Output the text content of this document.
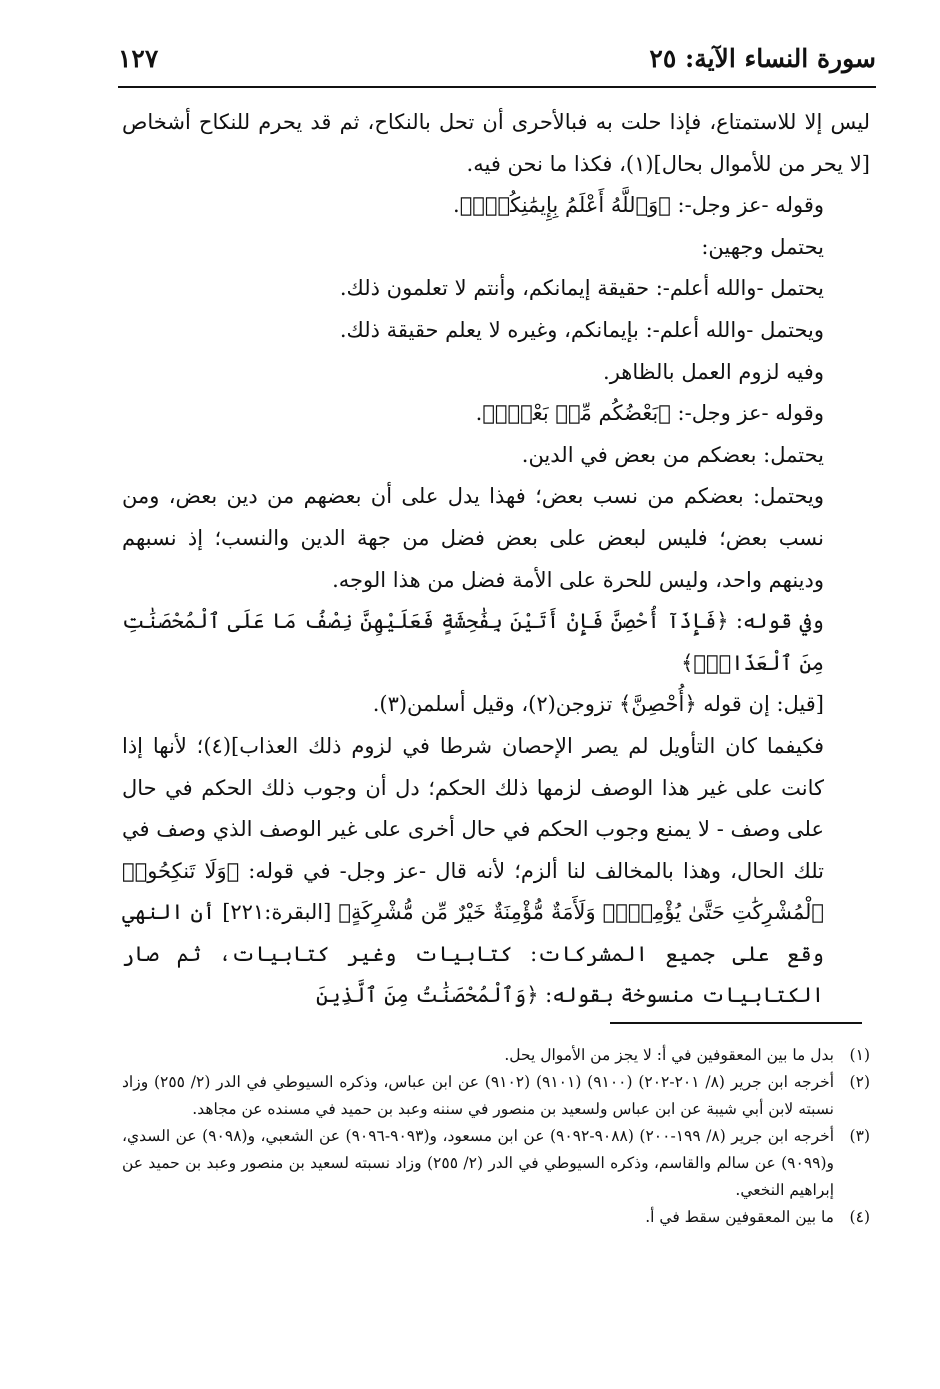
سورة النساء الآية: ٢٥
١٢٧

ليس إلا للاستمتاع، فإذا حلت به فبالأحرى أن تحل بالنكاح، ثم قد يحرم للنكاح أشخاص [لا يحر من للأموال بحال](١)، فكذا ما نحن فيه.

وقوله -عز وجل-: ﴿وَٱللَّهُ أَعْلَمُ بِإِيمَٰنِكُمْۚ﴾.

يحتمل وجهين:

يحتمل -والله أعلم-: حقيقة إيمانكم، وأنتم لا تعلمون ذلك.

ويحتمل -والله أعلم-: بإيمانكم، وغيره لا يعلم حقيقة ذلك.

وفيه لزوم العمل بالظاهر.

وقوله -عز وجل-: ﴿بَعْضُكُم مِّنۢ بَعْضٍۚ﴾.

يحتمل: بعضكم من بعض في الدين.

ويحتمل: بعضكم من نسب بعض؛ فهذا يدل على أن بعضهم من دين بعض، ومن نسب بعض؛ فليس لبعض على بعض فضل من جهة الدين والنسب؛ إذ نسبهم ودينهم واحد، وليس للحرة على الأمة فضل من هذا الوجه.

وفي قوله: ﴿فَإِذَآ أُحْصِنَّ فَإِنْ أَتَيْنَ بِفَٰحِشَةٍ فَعَلَيْهِنَّ نِصْفُ مَا عَلَى ٱلْمُحْصَنَٰتِ مِنَ ٱلْعَذَابِۚ﴾

[قيل: إن قوله ﴿أُحْصِنَّ﴾ تزوجن(٢)، وقيل أسلمن(٣).

فكيفما كان التأويل لم يصر الإحصان شرطا في لزوم ذلك العذاب](٤)؛ لأنها إذا كانت على غير هذا الوصف لزمها ذلك الحكم؛ دل أن وجوب ذلك الحكم في حال على وصف - لا يمنع وجوب الحكم في حال أخرى على غير الوصف الذي وصف في تلك الحال، وهذا بالمخالف لنا ألزم؛ لأنه قال -عز وجل- في قوله: ﴿وَلَا تَنكِحُوا۟ ٱلْمُشْرِكَٰتِ حَتَّىٰ يُؤْمِنَّۚ وَلَأَمَةٌ مُّؤْمِنَةٌ خَيْرٌ مِّن مُّشْرِكَةٍ﴾ [البقرة:٢٢١] أن النهي وقع على جميع المشركات: كتابيات وغير كتابيات، ثم صار الكتابيات منسوخة بقوله: ﴿وَٱلْمُحْصَنَٰتُ مِنَ ٱلَّذِينَ

(١)
بدل ما بين المعقوفين في أ: لا يجز من الأموال يحل.

(٢)
أخرجه ابن جرير (٨/ ٢٠١-٢٠٢) (٩١٠٠) (٩١٠١) (٩١٠٢) عن ابن عباس، وذكره السيوطي في الدر (٢/ ٢٥٥) وزاد نسبته لابن أبي شيبة عن ابن عباس ولسعيد بن منصور في سننه وعبد بن حميد في مسنده عن مجاهد.

(٣)
أخرجه ابن جرير (٨/ ١٩٩-٢٠٠) (٩٠٨٨-٩٠٩٢) عن ابن مسعود، و(٩٠٩٣-٩٠٩٦) عن الشعبي، و(٩٠٩٨) عن السدي، و(٩٠٩٩) عن سالم والقاسم، وذكره السيوطي في الدر (٢/ ٢٥٥) وزاد نسبته لسعيد بن منصور وعبد بن حميد عن إبراهيم النخعي.

(٤)
ما بين المعقوفين سقط في أ.
